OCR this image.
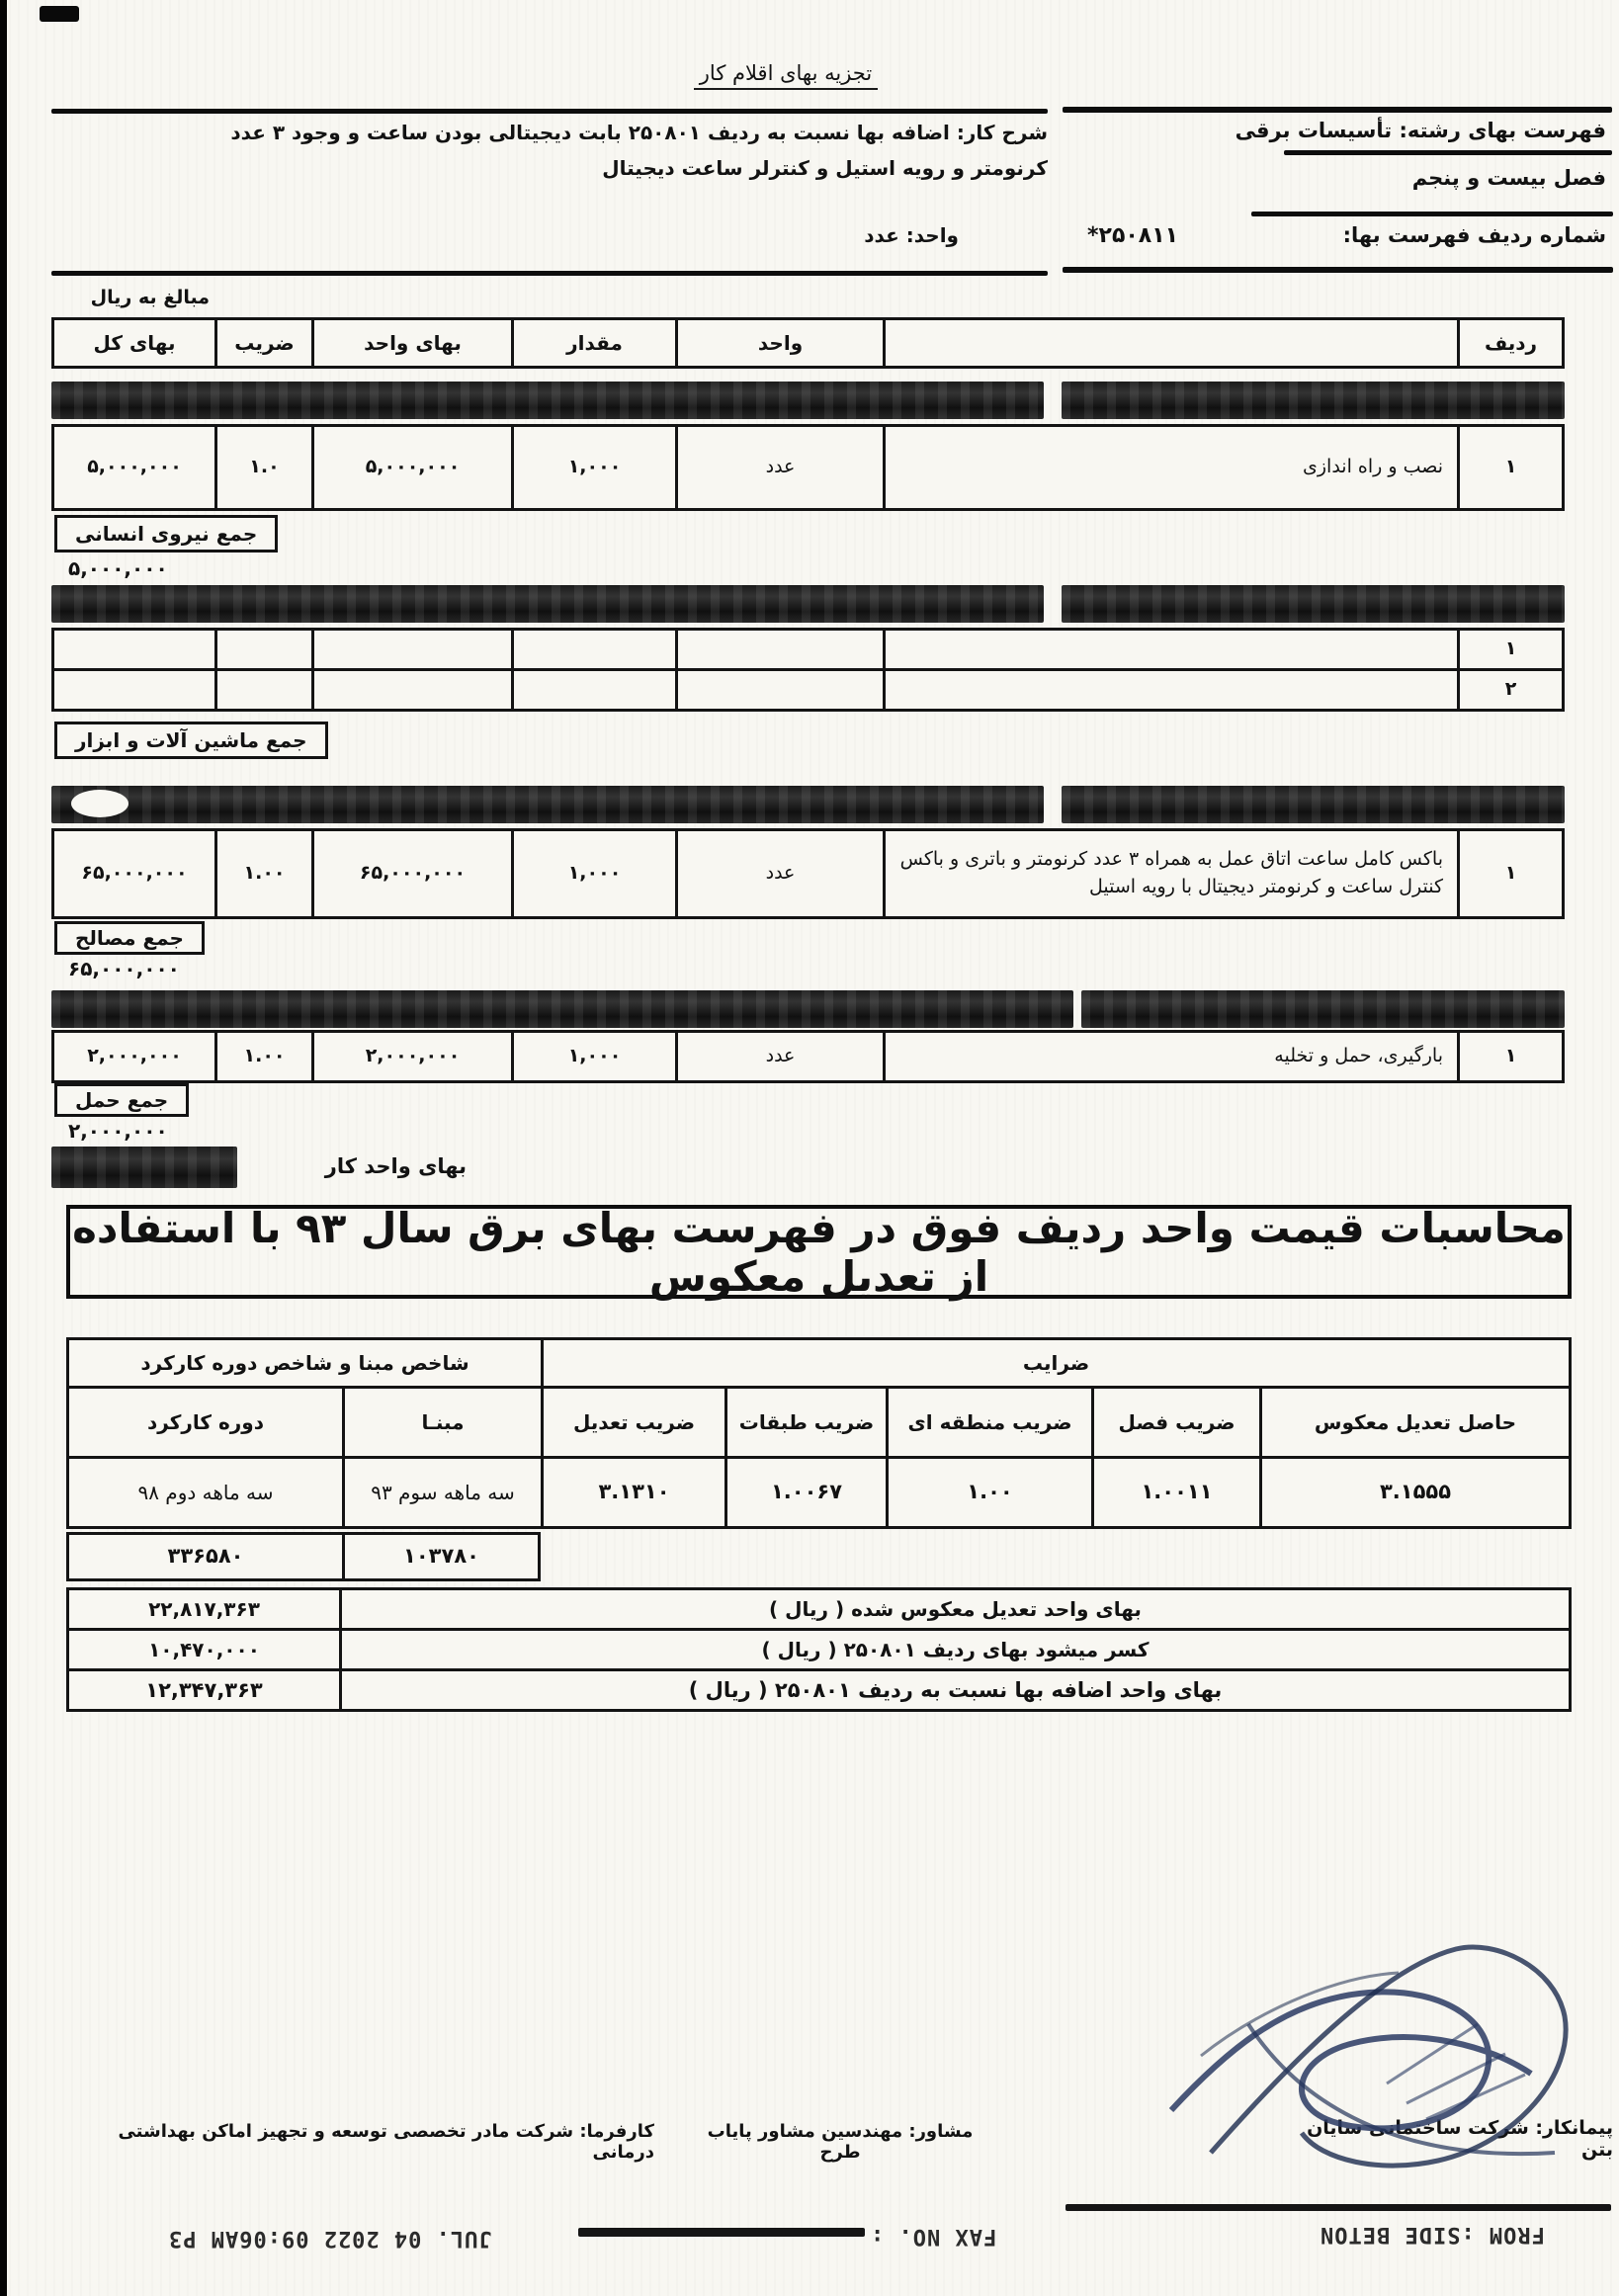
تجزیه بهای اقلام کار
فهرست بهای رشته: تأسیسات برقی
فصل بیست و پنجم
شماره ردیف فهرست بها:
۲۵۰۸۱۱*
شرح کار: اضافه بها نسبت به ردیف ۲۵۰۸۰۱ بابت دیجیتالی بودن ساعت و وجود ۳ عدد
کرنومتر و رویه استیل و کنترلر ساعت دیجیتال
واحد: عدد
مبالغ به ریال
ردیف
واحد
مقدار
بهای واحد
ضریب
بهای کل
۱
نصب و راه اندازی
عدد
۱,۰۰۰
۵,۰۰۰,۰۰۰
۱.۰
۵,۰۰۰,۰۰۰
جمع نیروی انسانی
۵,۰۰۰,۰۰۰
۱
۲
جمع ماشین آلات و ابزار
۱
باکس کامل ساعت اتاق عمل به همراه ۳ عدد کرنومتر و باتری و باکس کنترل ساعت و کرنومتر دیجیتال با رویه استیل
عدد
۱,۰۰۰
۶۵,۰۰۰,۰۰۰
۱.۰۰
۶۵,۰۰۰,۰۰۰
جمع مصالح
۶۵,۰۰۰,۰۰۰
۱
بارگیری، حمل و تخلیه
عدد
۱,۰۰۰
۲,۰۰۰,۰۰۰
۱.۰۰
۲,۰۰۰,۰۰۰
جمع حمل
۲,۰۰۰,۰۰۰
بهای واحد کار
محاسبات قیمت واحد ردیف فوق در فهرست بهای برق سال ۹۳ با استفاده از تعدیل معکوس
ضرایب
شاخص مبنا و شاخص دوره کارکرد
حاصل تعدیل معکوس
ضریب فصل
ضریب منطقه ای
ضریب طبقات
ضریب تعدیل
مبنـا
دوره کارکرد
۳.۱۵۵۵
۱.۰۰۱۱
۱.۰۰
۱.۰۰۶۷
۳.۱۳۱۰
سه ماهه سوم ۹۳
سه ماهه دوم ۹۸
۱۰۳۷۸۰
۳۳۶۵۸۰
بهای واحد تعدیل معکوس شده ( ریال )
۲۲,۸۱۷,۳۶۳
کسر میشود بهای ردیف ۲۵۰۸۰۱ ( ریال )
۱۰,۴۷۰,۰۰۰
بهای واحد اضافه بها نسبت به ردیف ۲۵۰۸۰۱ ( ریال )
۱۲,۳۴۷,۳۶۳
پیمانکار: شرکت ساختمانی سایان بتن
مشاور: مهندسین مشاور پایاب طرح
کارفرما: شرکت مادر تخصصی توسعه و تجهیز اماکن بهداشتی درمانی
FROM :SIDE BETON
FAX NO. :
JUL. 04 2022 09:06AM P3
